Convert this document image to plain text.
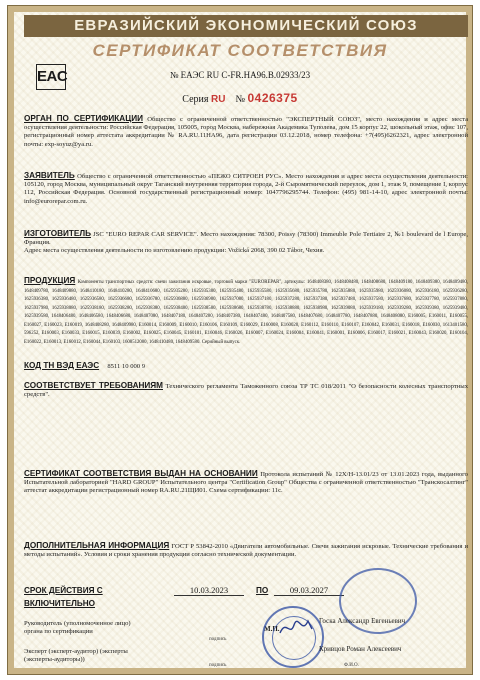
ЕВРАЗИЙСКИЙ ЭКОНОМИЧЕСКИЙ СОЮЗ
СЕРТИФИКАТ СООТВЕТСТВИЯ
EAC	№ ЕАЭС RU C-FR.HA96.B.02933/23
Серия RU № 0426375
ОРГАН ПО СЕРТИФИКАЦИИ Общество с ограниченной ответственностью "ЭКСПЕРТНЫЙ СОЮЗ", место нахождения и адрес места осуществления деятельности: Российская Федерация, 105005, город Москва, набережная Академика Туполева, дом 15 корпус 22, шокольный этаж, офис 107, регистрационный номер аттестата аккредитации № RA.RU.11HA96, дата регистрации 03.12.2018, номер телефона: +7(495)6262321, адрес электронной почты: exp-soyuz@ya.ru.
ЗАЯВИТЕЛЬ Общество с ограниченной ответственностью «ПЕЖО СИТРОЕН РУС». Место нахождения и адрес места осуществления деятельности: 105120, город Москва, муниципальный округ Таганский внутренняя территория города, 2-й Сыромятнический переулок, дом 1, этаж 9, помещение I, корпус 112, Российская Федерация. Основной государственный регистрационный номер: 1047796295744. Телефон: (495) 981-14-10, адрес электронной почты: info@eurorepar.com.ru.
ИЗГОТОВИТЕЛЬ JSC "EURO REPAR CAR SERVICE". Место нахождения: 78300, Poissy (78300) Immeuble Pole Tertiaire 2, №1 boulevard de l Europe, Франция.
Адрес места осуществления деятельности по изготовлению продукции: Vožická 2068, 390 02 Tábor, Чехия.
ПРОДУКЦИЯ Компоненты транспортных средств: свечи зажигания искровые, торговой марки "EUROREPAR", артикулы: 1648408380, 1648408480, 1648408680, 1648409180, 1648409380, 1648409480, 1648409780, 1648409880, 1648410180, 1648410280, 1648410680, 1625935280, 1625935380, 1625935480, 1625935580, 1625935680, 1625935780, 1625935880, 1625935980, 1625936080, 1625936180, 1625936280, 1625936380, 1625936480, 1625936580, 1625936680, 1625936780, 1625936880, 1625936980, 1625937080, 1625937180, 1625937280, 1625937380, 1625937480, 1625937580, 1625937680, 1625937780, 1625937880, 1625937980, 1625938080, 1625938180, 1625938280, 1625938380, 1625938480, 1625938580, 1625938680, 1625938780, 1625938880, 1625938980, 1625939080, 1625939180, 1625939280, 1625939380, 1625939480, 1625939580, 1648406480, 1648406580, 1648406680, 1648407080, 1648407180, 1648407280, 1648407380, 1648407480, 1648407580, 1648407680, 1648407780, 1648407880, 1648408080, E160005, E160011, E160055, E160027, E160023, E160019, 1648408280, 1648409980, E160014, E160009, E160010, E160106, E160109, E160029, E160008, E160028, E160112, E160110, E160107, E160042, E160031, E160018, E160030, 1613401580, 596252, E160003, E160033, E160015, E160039, E160002, E160025, E160045, E160101, E160046, E160026, E160007, E160024, E160004, E160041, E160001, E160006, E160017, E160021, E160043, E160020, E160104, E160022, E160013, E160012, E160044, E160103, 1608512080, 1648410480, 1648409580. Серийный выпуск.
КОД ТН ВЭД ЕАЭС 8511 10 000 9
СООТВЕТСТВУЕТ ТРЕБОВАНИЯМ Технического регламента Таможенного союза ТР ТС 018/2011 "О безопасности колесных транспортных средств".
СЕРТИФИКАТ СООТВЕТСТВИЯ ВЫДАН НА ОСНОВАНИИ Протокола испытаний № 12X/Н-13.01/23 от 13.01.2023 года, выданного Испытательной лабораторией "HARD GROUP" Испытательного центра "Certification Group" Общества с ограниченной ответственностью "Транскосалтинг" аттестат аккредитации регистрационный номер RA.RU.21ЩИ01. Схема сертификации: 11с.
ДОПОЛНИТЕЛЬНАЯ ИНФОРМАЦИЯ ГОСТ Р 53842-2010 «Двигатели автомобильные. Свечи зажигания искровые. Технические требования и методы испытаний». Условия и сроки хранения продукции согласно технической документации.
СРОК ДЕЙСТВИЯ С
ВКЛЮЧИТЕЛЬНО
10.03.2023	ПО	09.03.2027
Руководитель (уполномоченное лицо) органа по сертификации
Госка Александр Евгеньевич
подпись
М.П.
Эксперт (эксперт-аудитор) (эксперты (эксперты-аудиторы))
Кривцов Роман Алексеевич
подпись	Ф.И.О.
